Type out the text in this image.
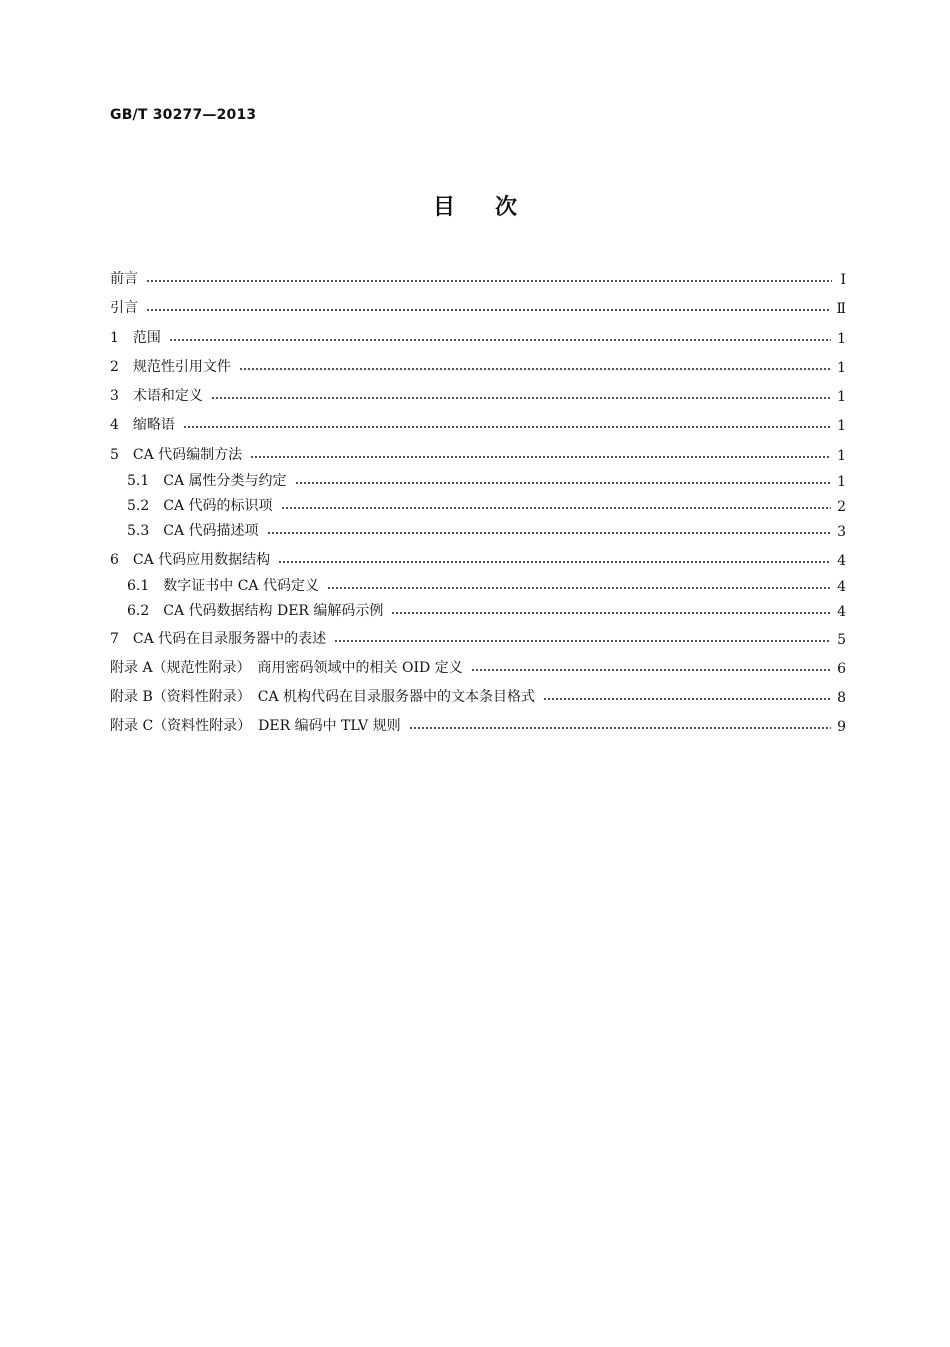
GB/T 30277—2013
目次
前言	Ⅰ
引言	Ⅱ
1　范围	1
2　规范性引用文件	1
3　术语和定义	1
4　缩略语	1
5　CA 代码编制方法	1
5.1　CA 属性分类与约定	1
5.2　CA 代码的标识项	2
5.3　CA 代码描述项	3
6　CA 代码应用数据结构	4
6.1　数字证书中 CA 代码定义	4
6.2　CA 代码数据结构 DER 编解码示例	4
7　CA 代码在目录服务器中的表述	5
附录 A（规范性附录）　商用密码领域中的相关 OID 定义	6
附录 B（资料性附录）　CA 机构代码在目录服务器中的文本条目格式	8
附录 C（资料性附录）　DER 编码中 TLV 规则	9
